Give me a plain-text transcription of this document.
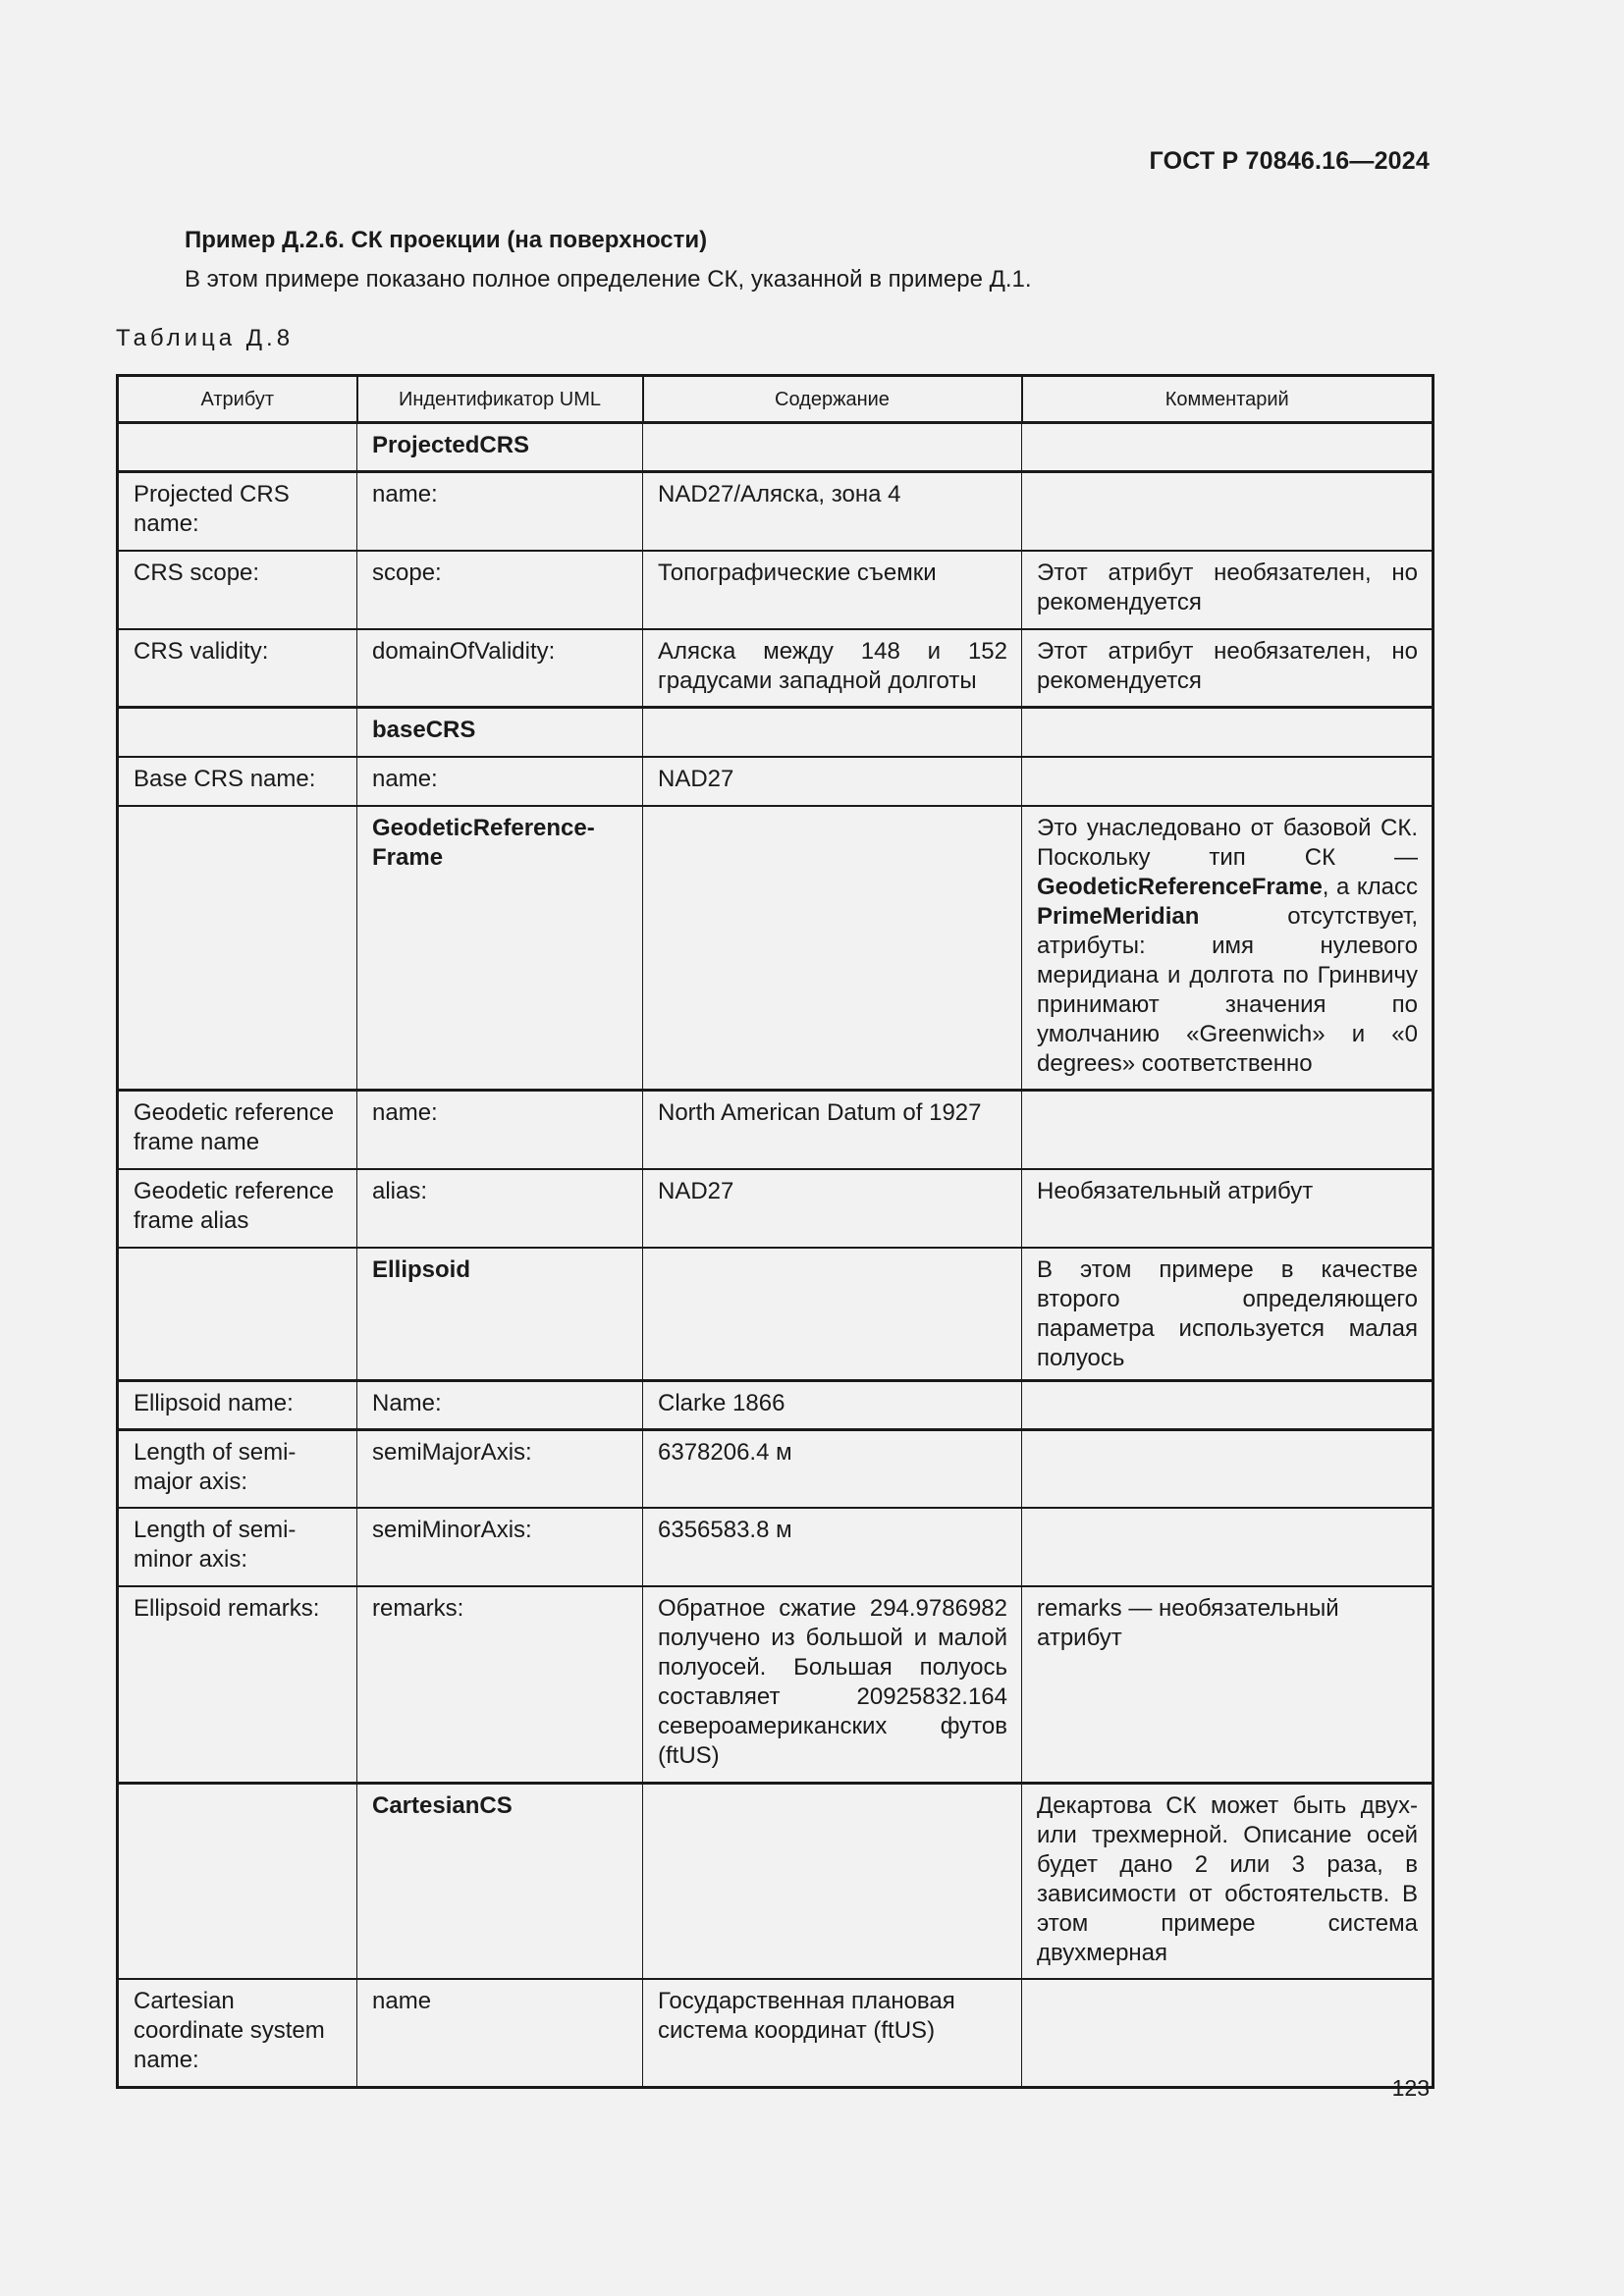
ГОСТ Р 70846.16—2024
Пример Д.2.6. СК проекции (на поверхности)
В этом примере показано полное определение СК, указанной в примере Д.1.
Таблица Д.8
Атрибут	Индентификатор UML	Содержание	Комментарий
	ProjectedCRS		
Projected CRS name:	name:	NAD27/Аляска, зона 4	
CRS scope:	scope:	Топографические съемки	Этот атрибут необязателен, но рекомендуется
CRS validity:	domainOfValidity:	Аляска между 148 и 152 градусами западной долготы	Этот атрибут необязателен, но рекомендуется
	baseCRS		
Base CRS name:	name:	NAD27	
	GeodeticReference-Frame		Это унаследовано от базовой СК. Поскольку тип СК — GeodeticReferenceFrame, а класс PrimeMeridian отсутствует, атрибуты: имя нулевого меридиана и долгота по Гринвичу принимают значения по умолчанию «Greenwich» и «0 degrees» соответственно
Geodetic reference frame name	name:	North American Datum of 1927	
Geodetic reference frame alias	alias:	NAD27	Необязательный атрибут
	Ellipsoid		В этом примере в качестве второго определяющего параметра используется малая полуось
Ellipsoid name:	Name:	Clarke 1866	
Length of semi-major axis:	semiMajorAxis:	6378206.4 м	
Length of semi-minor axis:	semiMinorAxis:	6356583.8 м	
Ellipsoid remarks:	remarks:	Обратное сжатие 294.9786982 получено из большой и малой полуосей. Большая полуось составляет 20925832.164 североамериканских футов (ftUS)	remarks — необязательный атрибут
	CartesianCS		Декартова СК может быть двух- или трехмерной. Описание осей будет дано 2 или 3 раза, в зависимости от обстоятельств. В этом примере система двухмерная
Cartesian coordinate system name:	name	Государственная плановая система координат (ftUS)	
123
